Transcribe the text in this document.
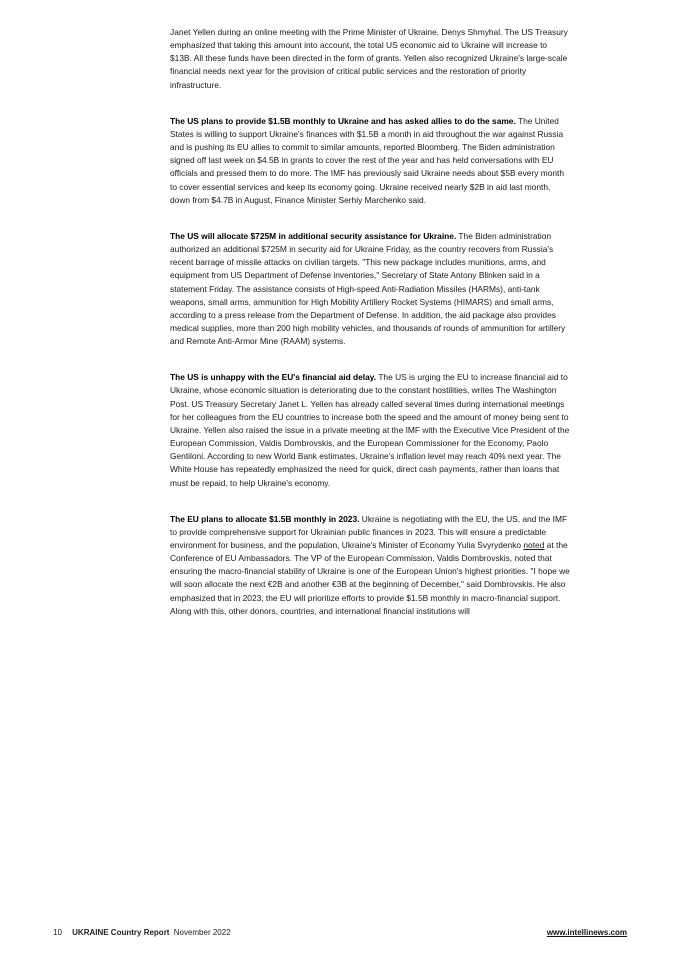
Janet Yellen during an online meeting with the Prime Minister of Ukraine, Denys Shmyhal. The US Treasury emphasized that taking this amount into account, the total US economic aid to Ukraine will increase to $13B. All these funds have been directed in the form of grants. Yellen also recognized Ukraine's large-scale financial needs next year for the provision of critical public services and the restoration of priority infrastructure.

The US plans to provide $1.5B monthly to Ukraine and has asked allies to do the same. The United States is willing to support Ukraine's finances with $1.5B a month in aid throughout the war against Russia and is pushing its EU allies to commit to similar amounts, reported Bloomberg. The Biden administration signed off last week on $4.5B in grants to cover the rest of the year and has held conversations with EU officials and pressed them to do more. The IMF has previously said Ukraine needs about $5B every month to cover essential services and keep its economy going. Ukraine received nearly $2B in aid last month, down from $4.7B in August, Finance Minister Serhiy Marchenko said.

The US will allocate $725M in additional security assistance for Ukraine. The Biden administration authorized an additional $725M in security aid for Ukraine Friday, as the country recovers from Russia's recent barrage of missile attacks on civilian targets. "This new package includes munitions, arms, and equipment from US Department of Defense inventories," Secretary of State Antony Blinken said in a statement Friday. The assistance consists of High-speed Anti-Radiation Missiles (HARMs), anti-tank weapons, small arms, ammunition for High Mobility Artillery Rocket Systems (HIMARS) and small arms, according to a press release from the Department of Defense. In addition, the aid package also provides medical supplies, more than 200 high mobility vehicles, and thousands of rounds of ammunition for artillery and Remote Anti-Armor Mine (RAAM) systems.

The US is unhappy with the EU's financial aid delay. The US is urging the EU to increase financial aid to Ukraine, whose economic situation is deteriorating due to the constant hostilities, writes The Washington Post. US Treasury Secretary Janet L. Yellen has already called several times during international meetings for her colleagues from the EU countries to increase both the speed and the amount of money being sent to Ukraine. Yellen also raised the issue in a private meeting at the IMF with the Executive Vice President of the European Commission, Valdis Dombrovskis, and the European Commissioner for the Economy, Paolo Gentiloni. According to new World Bank estimates, Ukraine's inflation level may reach 40% next year. The White House has repeatedly emphasized the need for quick, direct cash payments, rather than loans that must be repaid, to help Ukraine's economy.

The EU plans to allocate $1.5B monthly in 2023. Ukraine is negotiating with the EU, the US, and the IMF to provide comprehensive support for Ukrainian public finances in 2023. This will ensure a predictable environment for business, and the population, Ukraine's Minister of Economy Yulia Svyrydenko noted at the Conference of EU Ambassadors. The VP of the European Commission, Valdis Dombrovskis, noted that ensuring the macro-financial stability of Ukraine is one of the European Union's highest priorities. "I hope we will soon allocate the next €2B and another €3B at the beginning of December," said Dombrovskis. He also emphasized that in 2023, the EU will prioritize efforts to provide $1.5B monthly in macro-financial support. Along with this, other donors, countries, and international financial institutions will

10 UKRAINE Country Report November 2022	www.intellinews.com
